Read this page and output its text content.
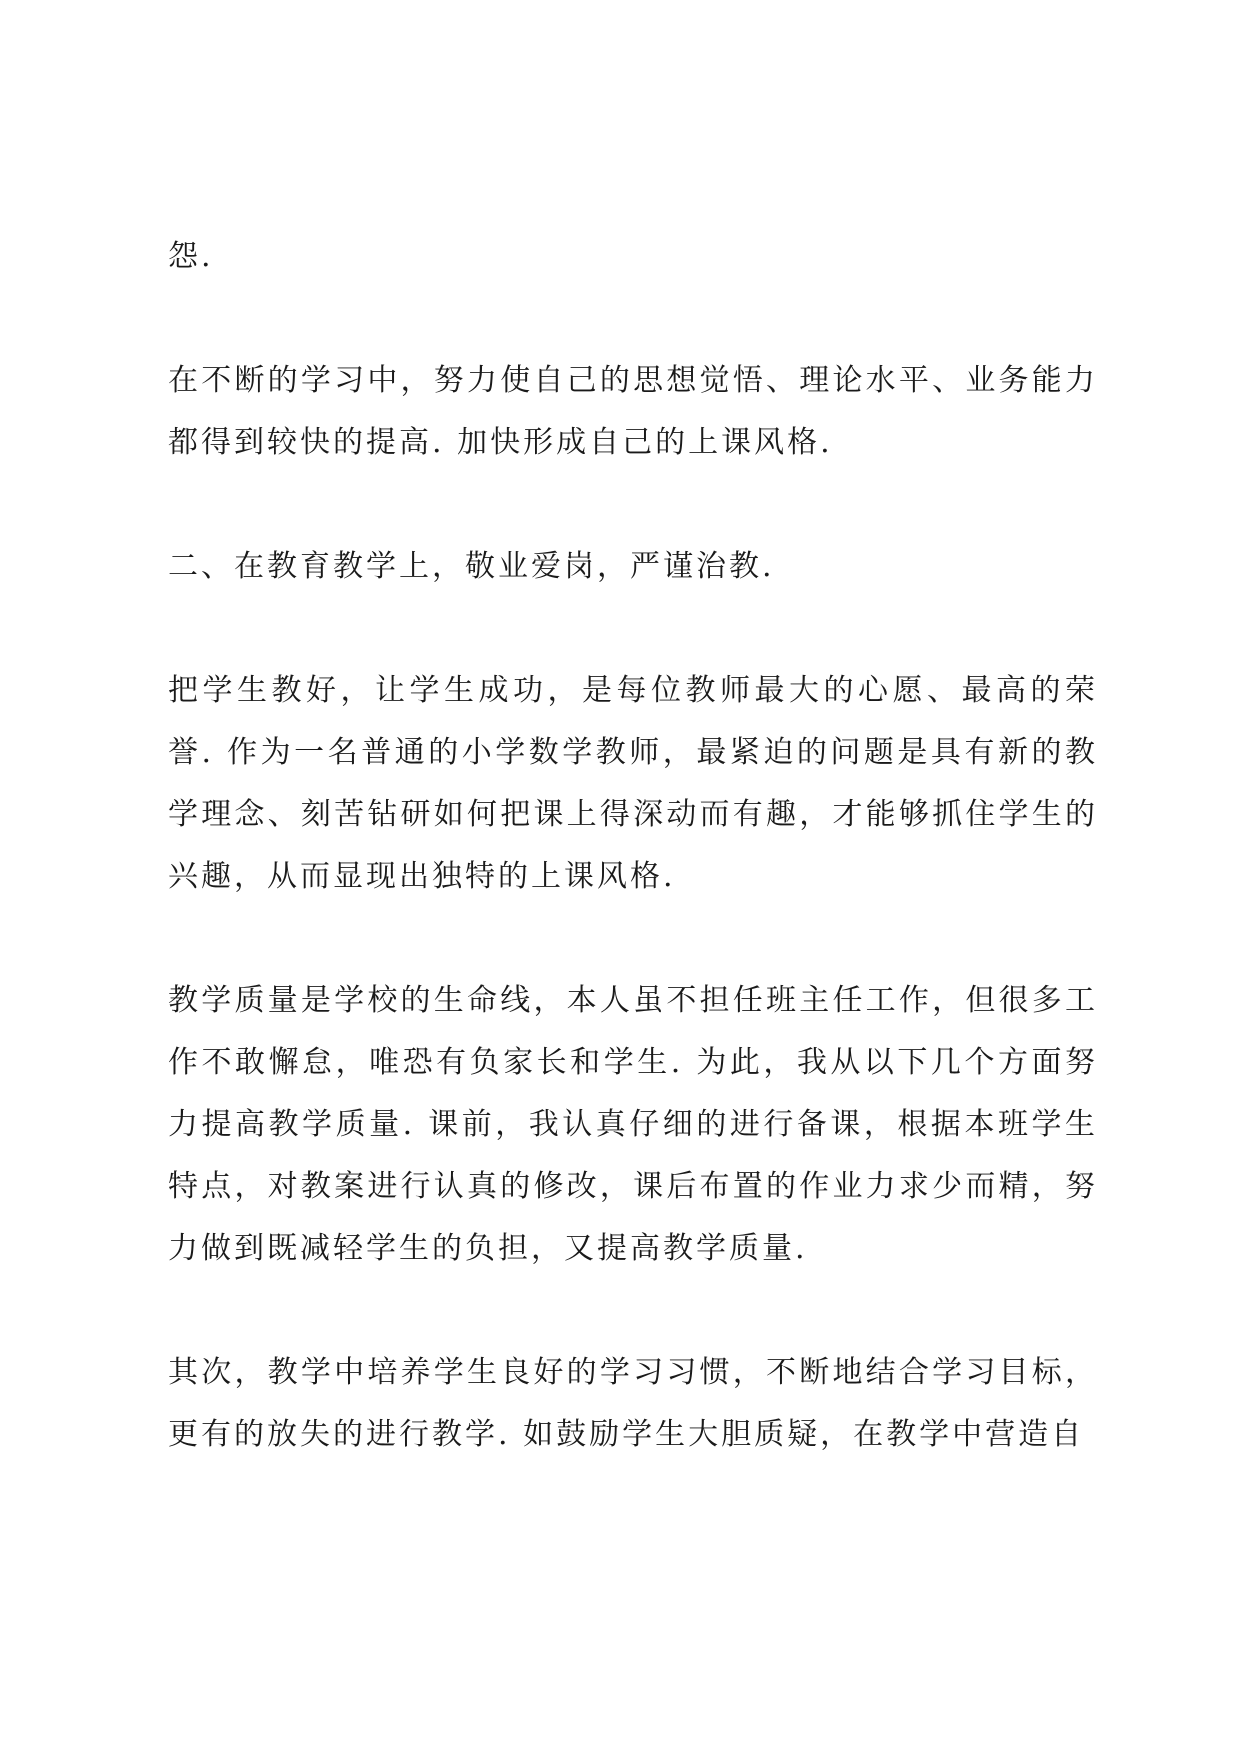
怨.

在不断的学习中，努力使自己的思想觉悟、理论水平、业务能力都得到较快的提高. 加快形成自己的上课风格.

二、在教育教学上，敬业爱岗，严谨治教.

把学生教好，让学生成功，是每位教师最大的心愿、最高的荣誉. 作为一名普通的小学数学教师，最紧迫的问题是具有新的教学理念、刻苦钻研如何把课上得深动而有趣，才能够抓住学生的兴趣，从而显现出独特的上课风格.

教学质量是学校的生命线，本人虽不担任班主任工作，但很多工作不敢懈怠，唯恐有负家长和学生. 为此，我从以下几个方面努力提高教学质量. 课前，我认真仔细的进行备课，根据本班学生特点，对教案进行认真的修改，课后布置的作业力求少而精，努力做到既减轻学生的负担，又提高教学质量.

其次，教学中培养学生良好的学习习惯，不断地结合学习目标，更有的放失的进行教学. 如鼓励学生大胆质疑，在教学中营造自
